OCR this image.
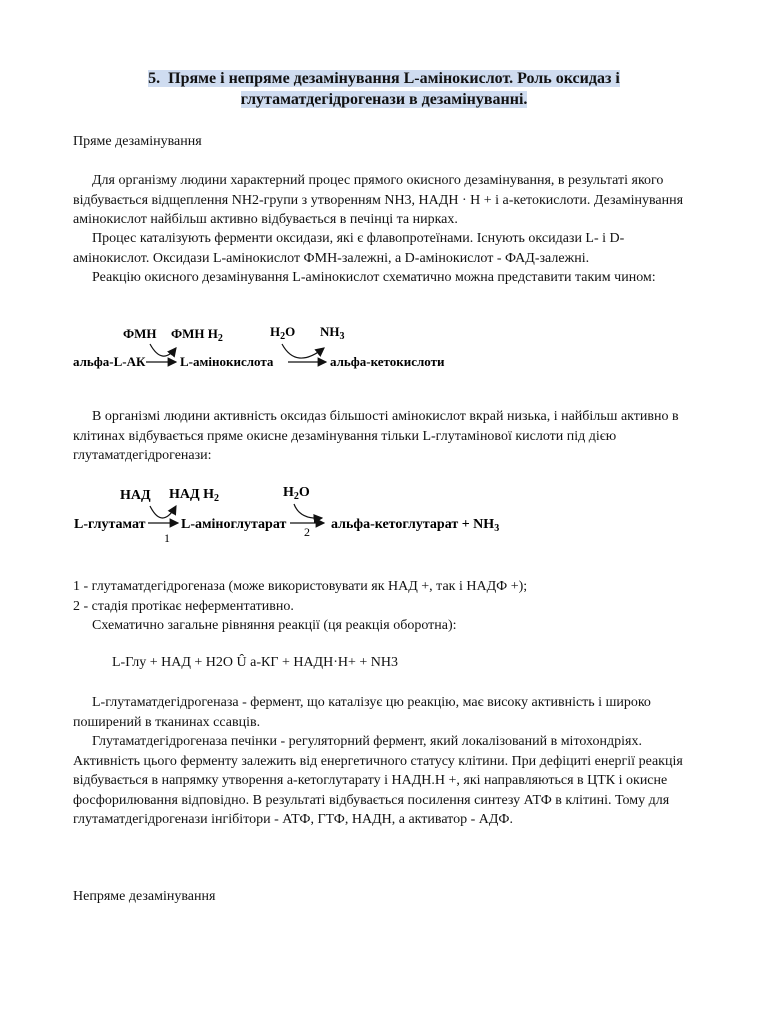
5. Пряме і непряме дезамінування L-амінокислот. Роль оксидаз і
глутаматдегідрогенази в дезамінуванні.
Пряме дезамінування
Для організму людини характерний процес прямого окисного дезамінування, в результаті якого відбувається відщеплення NH2-групи з утворенням NH3, НАДН · Н + і а-кетокислоти. Дезамінування амінокислот найбільш активно відбувається в печінці та нирках.
Процес каталізують ферменти оксидази, які є флавопротеїнами. Існують оксидази L- і D-амінокислот. Оксидази L-амінокислот ФМН-залежні, а D-амінокислот - ФАД-залежні.
Реакцію окисного дезамінування L-амінокислот схематично можна представити таким чином:
ФМН ФМН $H_2$	$H_2O$ $NH_3$
альфа-L-АК	L-амінокислота	альфа-кетокислоти
В організмі людини активність оксидаз більшості амінокислот вкрай низька, і найбільш активно в клітинах відбувається пряме окисне дезамінування тільки L-глутамінової кислоти під дією глутаматдегідрогенази:
НАД НАД $H_2$	$H_2O$
L-глутамат	L-аміноглутарат	альфа-кетоглутарат + $NH_3$
1	2
1 - глутаматдегідрогеназа (може використовувати як НАД +, так і НАДФ +);
2 - стадія протікає неферментативно.
Схематично загальне рівняння реакції (ця реакція оборотна):
L-Глу + НАД + Н2О Û а-КГ + НАДН·Н+ + NН3
L-глутаматдегідрогеназа - фермент, що каталізує цю реакцію, має високу активність і широко поширений в тканинах ссавців.
Глутаматдегідрогеназа печінки - регуляторний фермент, який локалізований в мітохондріях. Активність цього ферменту залежить від енергетичного статусу клітини. При дефіциті енергії реакція відбувається в напрямку утворення а-кетоглутарату і НАДН.Н +, які направляються в ЦТК і окисне фосфорилювання відповідно. В результаті відбувається посилення синтезу АТФ в клітині. Тому для глутаматдегідрогенази інгібітори - АТФ, ГТФ, НАДН, а активатор - АДФ.
Непряме дезамінування
